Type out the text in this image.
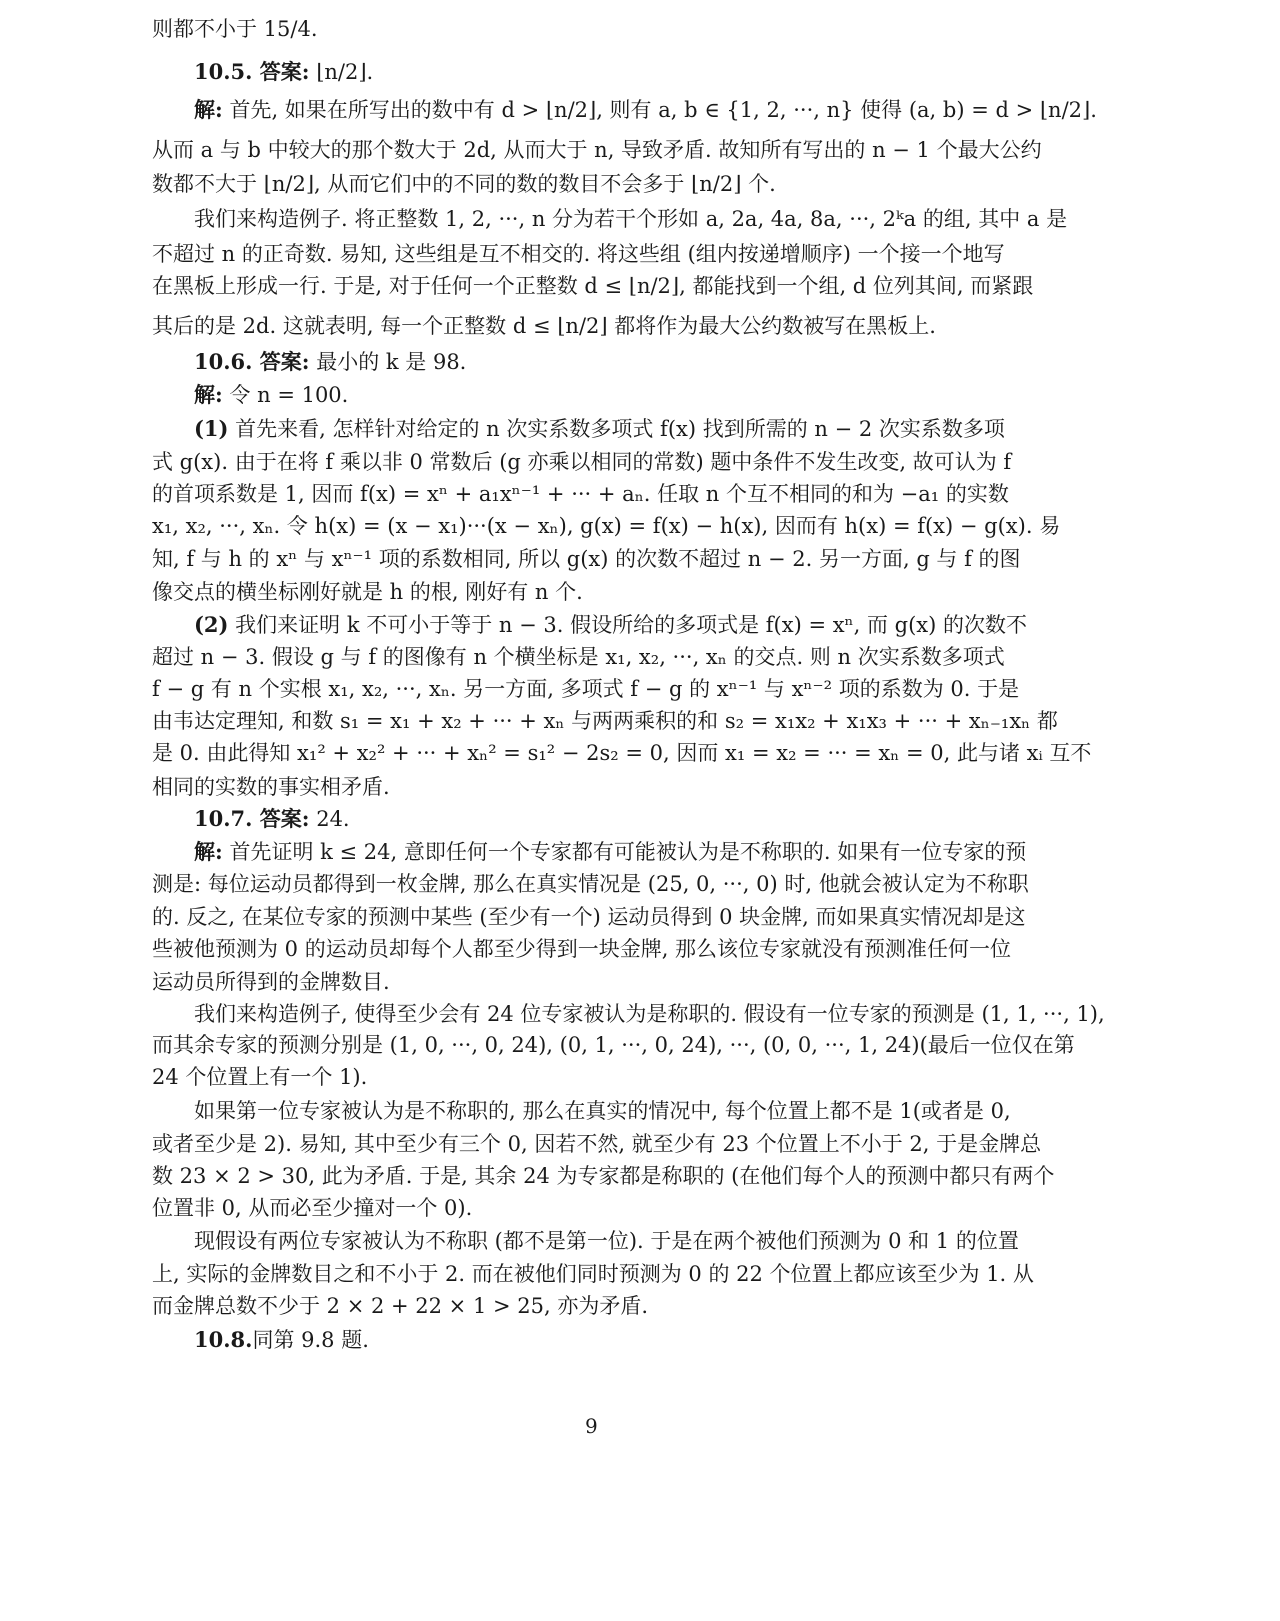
则都不小于 15/4.
10.5. 答案: ⌊n/2⌋.
解: 首先, 如果在所写出的数中有 d > ⌊n/2⌋, 则有 a, b ∈ {1, 2, ···, n} 使得 (a, b) = d > ⌊n/2⌋.
从而 a 与 b 中较大的那个数大于 2d, 从而大于 n, 导致矛盾. 故知所有写出的 n − 1 个最大公约
数都不大于 ⌊n/2⌋, 从而它们中的不同的数的数目不会多于 ⌊n/2⌋ 个.
我们来构造例子. 将正整数 1, 2, ···, n 分为若干个形如 a, 2a, 4a, 8a, ···, 2ᵏa 的组, 其中 a 是
不超过 n 的正奇数. 易知, 这些组是互不相交的. 将这些组 (组内按递增顺序) 一个接一个地写
在黑板上形成一行. 于是, 对于任何一个正整数 d ≤ ⌊n/2⌋, 都能找到一个组, d 位列其间, 而紧跟
其后的是 2d. 这就表明, 每一个正整数 d ≤ ⌊n/2⌋ 都将作为最大公约数被写在黑板上.
10.6. 答案: 最小的 k 是 98.
解: 令 n = 100.
(1) 首先来看, 怎样针对给定的 n 次实系数多项式 f(x) 找到所需的 n − 2 次实系数多项
式 g(x). 由于在将 f 乘以非 0 常数后 (g 亦乘以相同的常数) 题中条件不发生改变, 故可认为 f
的首项系数是 1, 因而 f(x) = xⁿ + a₁xⁿ⁻¹ + ··· + aₙ. 任取 n 个互不相同的和为 −a₁ 的实数
x₁, x₂, ···, xₙ. 令 h(x) = (x − x₁)···(x − xₙ), g(x) = f(x) − h(x), 因而有 h(x) = f(x) − g(x). 易
知, f 与 h 的 xⁿ 与 xⁿ⁻¹ 项的系数相同, 所以 g(x) 的次数不超过 n − 2. 另一方面, g 与 f 的图
像交点的横坐标刚好就是 h 的根, 刚好有 n 个.
(2) 我们来证明 k 不可小于等于 n − 3. 假设所给的多项式是 f(x) = xⁿ, 而 g(x) 的次数不
超过 n − 3. 假设 g 与 f 的图像有 n 个横坐标是 x₁, x₂, ···, xₙ 的交点. 则 n 次实系数多项式
f − g 有 n 个实根 x₁, x₂, ···, xₙ. 另一方面, 多项式 f − g 的 xⁿ⁻¹ 与 xⁿ⁻² 项的系数为 0. 于是
由韦达定理知, 和数 s₁ = x₁ + x₂ + ··· + xₙ 与两两乘积的和 s₂ = x₁x₂ + x₁x₃ + ··· + xₙ₋₁xₙ 都
是 0. 由此得知 x₁² + x₂² + ··· + xₙ² = s₁² − 2s₂ = 0, 因而 x₁ = x₂ = ··· = xₙ = 0, 此与诸 xᵢ 互不
相同的实数的事实相矛盾.
10.7. 答案: 24.
解: 首先证明 k ≤ 24, 意即任何一个专家都有可能被认为是不称职的. 如果有一位专家的预
测是: 每位运动员都得到一枚金牌, 那么在真实情况是 (25, 0, ···, 0) 时, 他就会被认定为不称职
的. 反之, 在某位专家的预测中某些 (至少有一个) 运动员得到 0 块金牌, 而如果真实情况却是这
些被他预测为 0 的运动员却每个人都至少得到一块金牌, 那么该位专家就没有预测准任何一位
运动员所得到的金牌数目.
我们来构造例子, 使得至少会有 24 位专家被认为是称职的. 假设有一位专家的预测是 (1, 1, ···, 1),
而其余专家的预测分别是 (1, 0, ···, 0, 24), (0, 1, ···, 0, 24), ···, (0, 0, ···, 1, 24)(最后一位仅在第
24 个位置上有一个 1).
如果第一位专家被认为是不称职的, 那么在真实的情况中, 每个位置上都不是 1(或者是 0,
或者至少是 2). 易知, 其中至少有三个 0, 因若不然, 就至少有 23 个位置上不小于 2, 于是金牌总
数 23 × 2 > 30, 此为矛盾. 于是, 其余 24 为专家都是称职的 (在他们每个人的预测中都只有两个
位置非 0, 从而必至少撞对一个 0).
现假设有两位专家被认为不称职 (都不是第一位). 于是在两个被他们预测为 0 和 1 的位置
上, 实际的金牌数目之和不小于 2. 而在被他们同时预测为 0 的 22 个位置上都应该至少为 1. 从
而金牌总数不少于 2 × 2 + 22 × 1 > 25, 亦为矛盾.
10.8.同第 9.8 题.
9
